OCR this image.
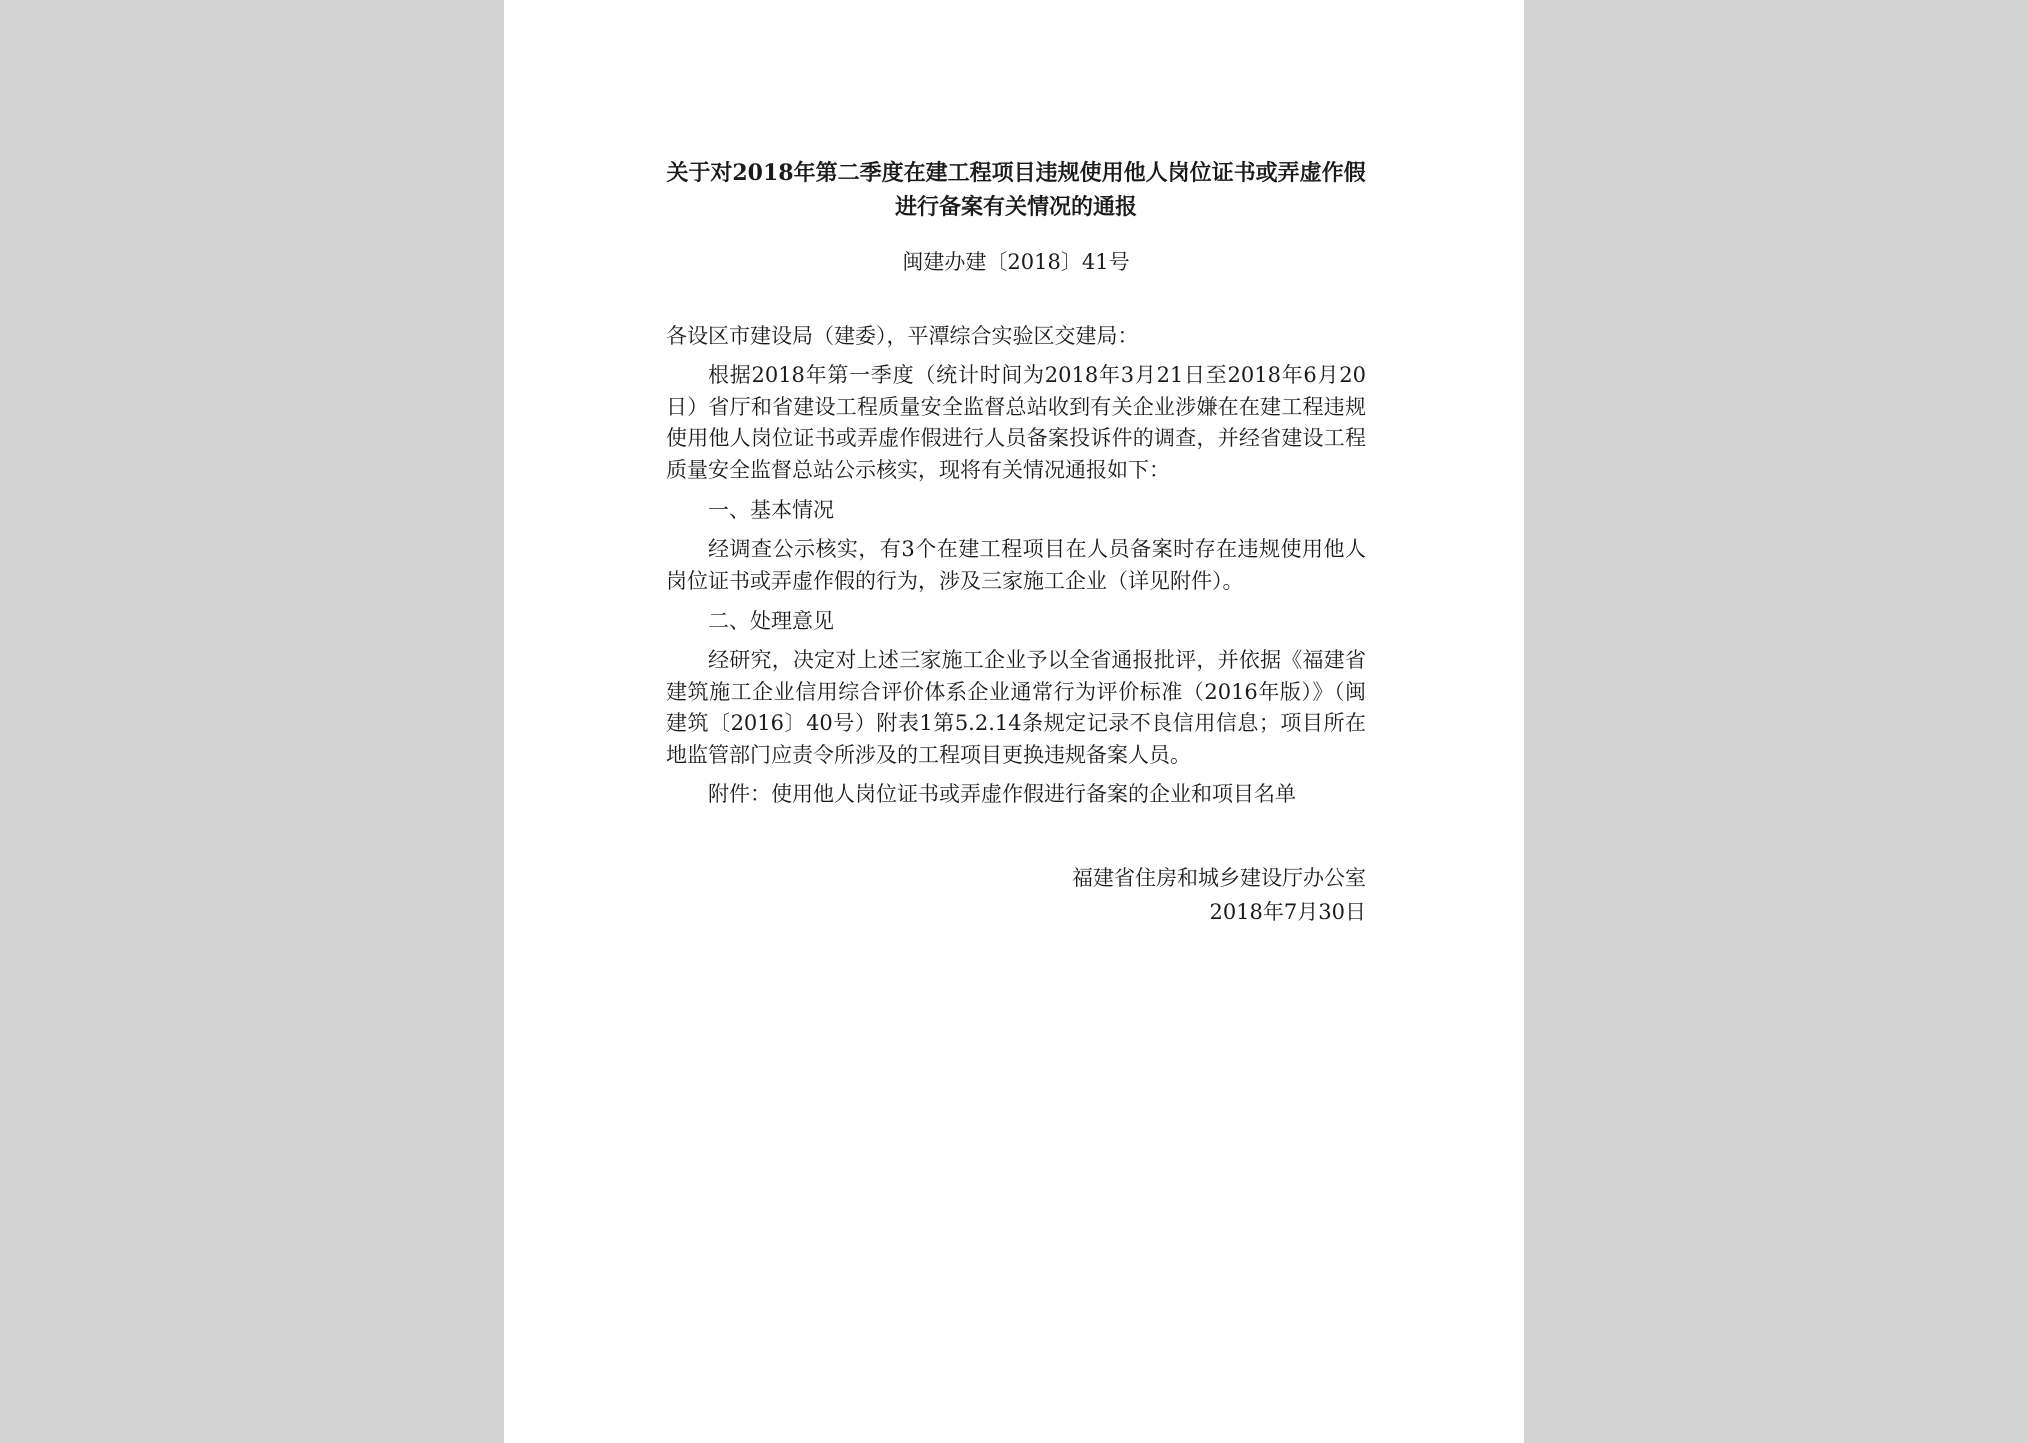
关于对2018年第二季度在建工程项目违规使用他人岗位证书或弄虚作假进行备案有关情况的通报
闽建办建〔2018〕41号
各设区市建设局（建委），平潭综合实验区交建局：
根据2018年第一季度（统计时间为2018年3月21日至2018年6月20日）省厅和省建设工程质量安全监督总站收到有关企业涉嫌在在建工程违规使用他人岗位证书或弄虚作假进行人员备案投诉件的调查，并经省建设工程质量安全监督总站公示核实，现将有关情况通报如下：
一、基本情况
经调查公示核实，有3个在建工程项目在人员备案时存在违规使用他人岗位证书或弄虚作假的行为，涉及三家施工企业（详见附件）。
二、处理意见
经研究，决定对上述三家施工企业予以全省通报批评，并依据《福建省建筑施工企业信用综合评价体系企业通常行为评价标准（2016年版）》（闽建筑〔2016〕40号）附表1第5.2.14条规定记录不良信用信息；项目所在地监管部门应责令所涉及的工程项目更换违规备案人员。
附件：使用他人岗位证书或弄虚作假进行备案的企业和项目名单
福建省住房和城乡建设厅办公室
2018年7月30日
